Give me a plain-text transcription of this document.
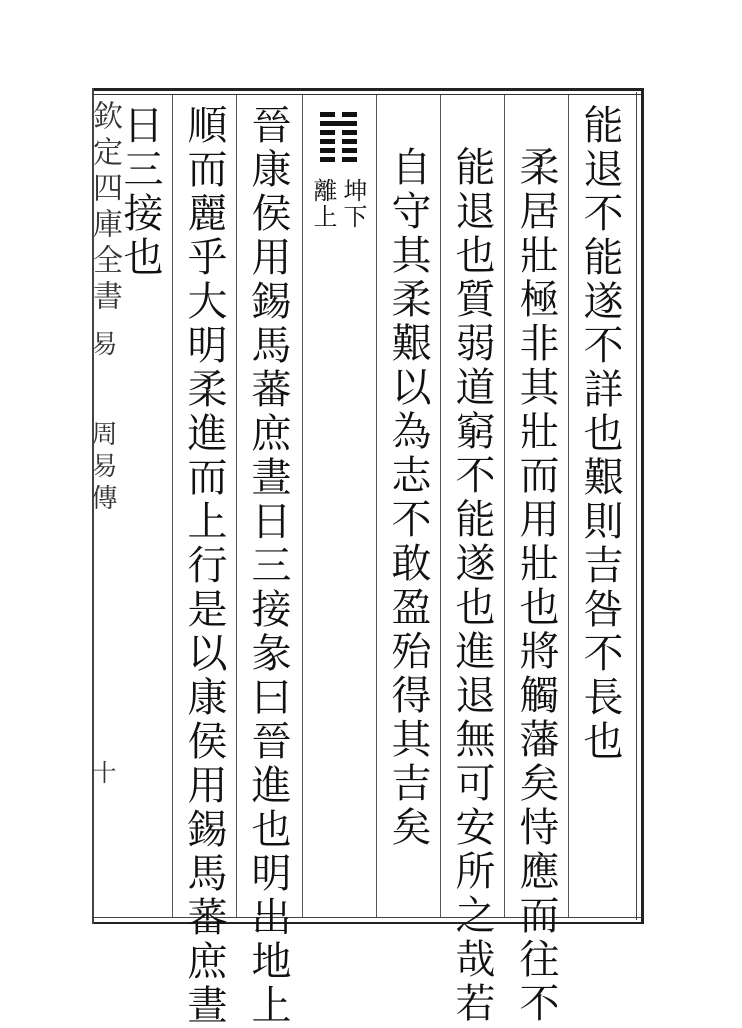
欽定四庫全書
易
周易傳
十
能退不能遂不詳也艱則吉咎不長也
柔居壯極非其壯而用壯也將觸藩矣恃應而往不
能退也質弱道窮不能遂也進退無可安所之哉若
自守其柔艱以為志不敢盈殆得其吉矣
坤下
離上
晉康侯用錫馬蕃庶晝日三接彖曰晉進也明出地上
順而麗乎大明柔進而上行是以康侯用錫馬蕃庶晝
日三接也
